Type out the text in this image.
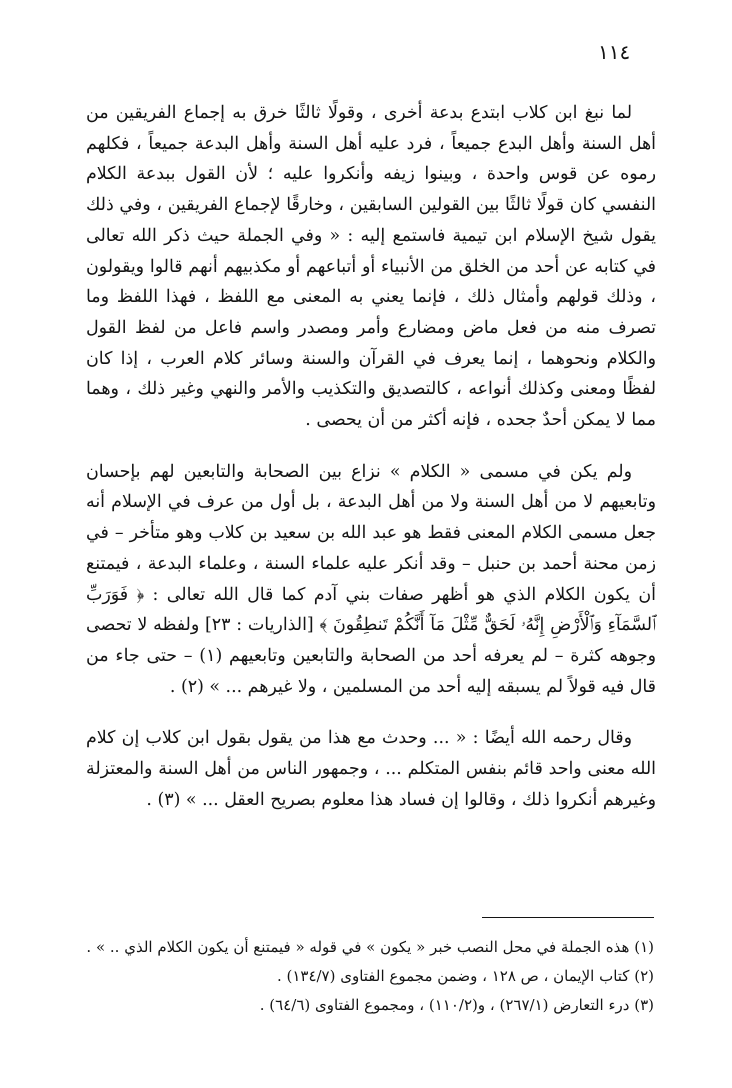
١١٤

لما نبغ ابن كلاب ابتدع بدعة أخرى ، وقولًا ثالثًا خرق به إجماع الفريقين من أهل السنة وأهل البدع جميعاً ، فرد عليه أهل السنة وأهل البدعة جميعاً ، فكلهم رموه عن قوس واحدة ، وبينوا زيفه وأنكروا عليه ؛ لأن القول ببدعة الكلام النفسي كان قولًا ثالثًا بين القولين السابقين ، وخارقًا لإجماع الفريقين ، وفي ذلك يقول شيخ الإسلام ابن تيمية فاستمع إليه : « وفي الجملة حيث ذكر الله تعالى في كتابه عن أحد من الخلق من الأنبياء أو أتباعهم أو مكذبيهم أنهم قالوا ويقولون ، وذلك قولهم وأمثال ذلك ، فإنما يعني به المعنى مع اللفظ ، فهذا اللفظ وما تصرف منه من فعل ماض ومضارع وأمر ومصدر واسم فاعل من لفظ القول والكلام ونحوهما ، إنما يعرف في القرآن والسنة وسائر كلام العرب ، إذا كان لفظًا ومعنى وكذلك أنواعه ، كالتصديق والتكذيب والأمر والنهي وغير ذلك ، وهما مما لا يمكن أحدٌ جحده ، فإنه أكثر من أن يحصى .

ولم يكن في مسمى « الكلام » نزاع بين الصحابة والتابعين لهم بإحسان وتابعيهم لا من أهل السنة ولا من أهل البدعة ، بل أول من عرف في الإسلام أنه جعل مسمى الكلام المعنى فقط هو عبد الله بن سعيد بن كلاب وهو متأخر – في زمن محنة أحمد بن حنبل – وقد أنكر عليه علماء السنة ، وعلماء البدعة ، فيمتنع أن يكون الكلام الذي هو أظهر صفات بني آدم كما قال الله تعالى : ﴿ فَوَرَبِّ ٱلسَّمَآءِ وَٱلْأَرْضِ إِنَّهُۥ لَحَقٌّ مِّثْلَ مَآ أَنَّكُمْ تَنطِقُونَ ﴾ [الذاريات : ٢٣] ولفظه لا تحصى وجوهه كثرة – لم يعرفه أحد من الصحابة والتابعين وتابعيهم (١) – حتى جاء من قال فيه قولاً لم يسبقه إليه أحد من المسلمين ، ولا غيرهم ... » (٢) .

وقال رحمه الله أيضًا : « ... وحدث مع هذا من يقول بقول ابن كلاب إن كلام الله معنى واحد قائم بنفس المتكلم ... ، وجمهور الناس من أهل السنة والمعتزلة وغيرهم أنكروا ذلك ، وقالوا إن فساد هذا معلوم بصريح العقل ... » (٣) .

(١) هذه الجملة في محل النصب خبر « يكون » في قوله « فيمتنع أن يكون الكلام الذي .. » .
(٢) كتاب الإيمان ، ص ١٢٨ ، وضمن مجموع الفتاوى (١٣٤/٧) .
(٣) درء التعارض (٢٦٧/١) ، و(١١٠/٢) ، ومجموع الفتاوى (٦٤/٦) .
